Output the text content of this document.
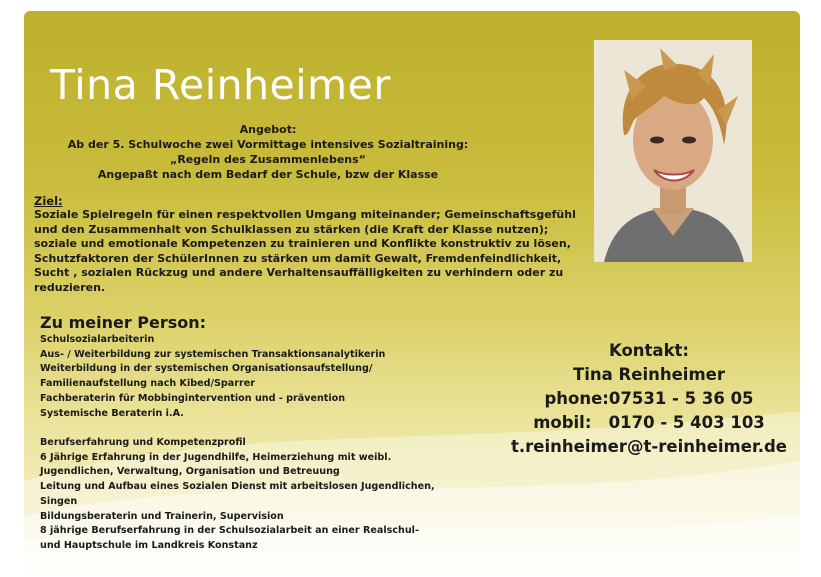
Tina Reinheimer
Angebot:
Ab der 5. Schulwoche zwei Vormittage intensives Sozialtraining:
„Regeln des Zusammenlebens“
Angepaßt nach dem Bedarf der Schule, bzw der Klasse
Ziel:
Soziale Spielregeln für einen respektvollen Umgang miteinander; Gemeinschaftsgefühl und den Zusammenhalt von Schulklassen zu stärken (die Kraft der Klasse nutzen); soziale und emotionale Kompetenzen zu trainieren und Konflikte konstruktiv zu lösen, Schutzfaktoren der SchülerInnen zu stärken um damit Gewalt, Fremdenfeindlichkeit, Sucht , sozialen Rückzug und andere Verhaltensauffälligkeiten zu verhindern oder zu reduzieren.
Zu meiner Person:
Schulsozialarbeiterin
Aus- / Weiterbildung zur systemischen Transaktionsanalytikerin
Weiterbildung in der systemischen Organisationsaufstellung/
Familienaufstellung nach Kibed/Sparrer
Fachberaterin für Mobbingintervention und - prävention
Systemische Beraterin i.A.
Berufserfahrung und Kompetenzprofil
6 Jährige Erfahrung in der Jugendhilfe, Heimerziehung mit weibl.
Jugendlichen, Verwaltung, Organisation und Betreuung
Leitung und Aufbau eines Sozialen Dienst mit arbeitslosen Jugendlichen,
Singen
Bildungsberaterin und Trainerin, Supervision
8 jährige Berufserfahrung in der Schulsozialarbeit an einer Realschul-
und Hauptschule im Landkreis Konstanz
Kontakt:
Tina Reinheimer
phone:07531 - 5 36 05
mobil:   0170 - 5 403 103
t.reinheimer@t-reinheimer.de
